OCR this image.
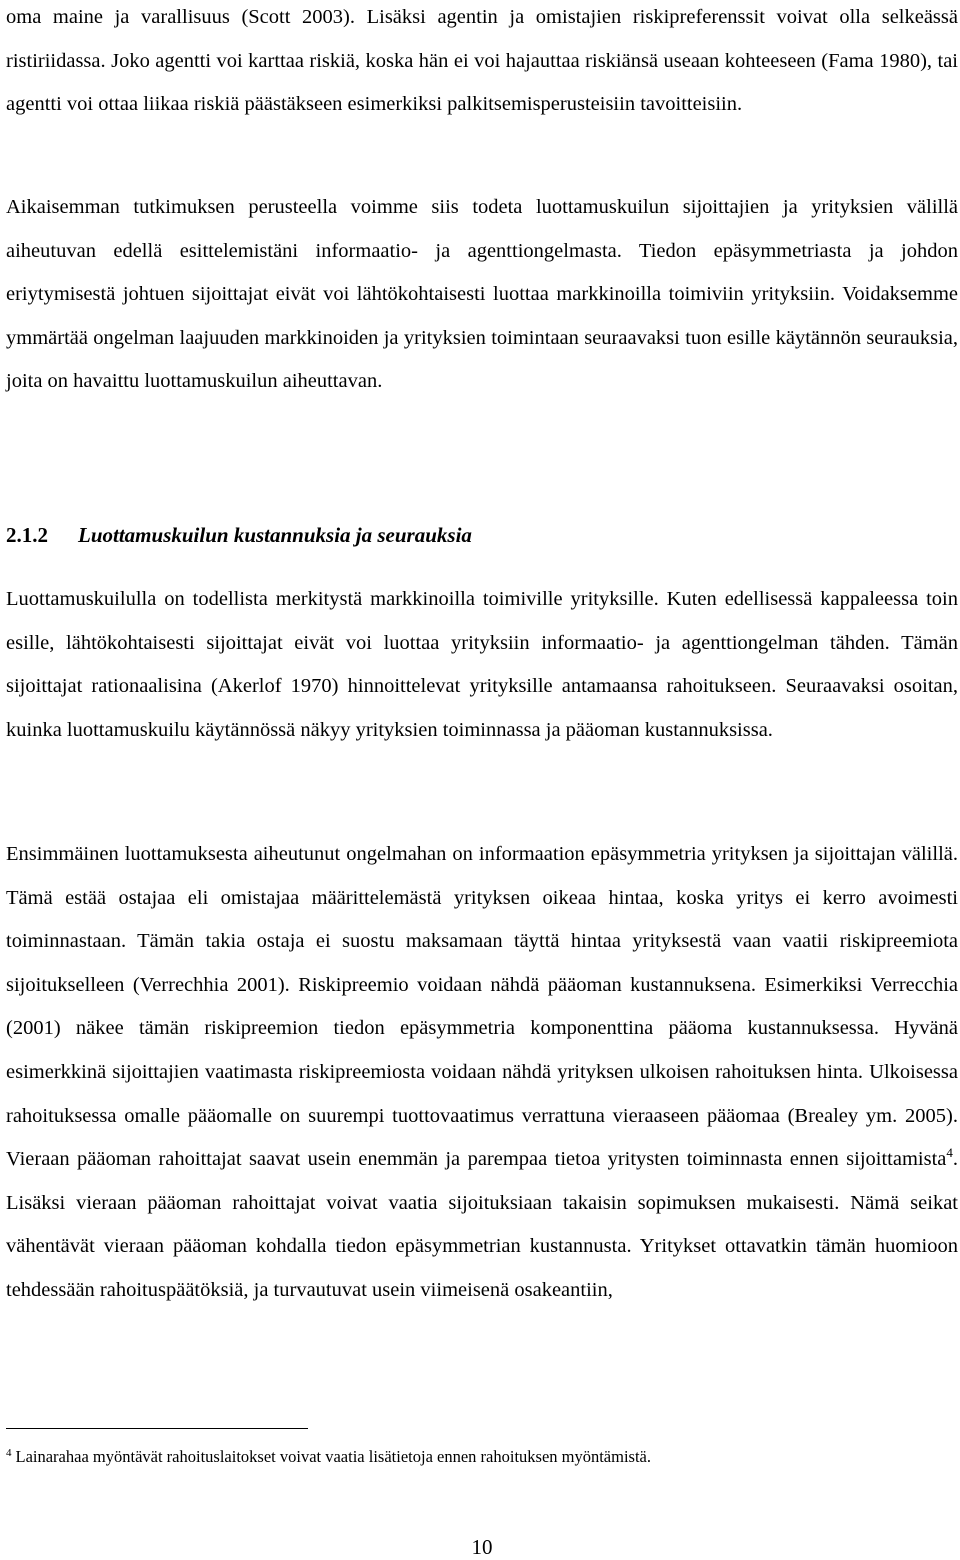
oma maine ja varallisuus (Scott 2003). Lisäksi agentin ja omistajien riskipreferenssit voivat olla selkeässä ristiriidassa. Joko agentti voi karttaa riskiä, koska hän ei voi hajauttaa riskiänsä useaan kohteeseen (Fama 1980), tai agentti voi ottaa liikaa riskiä päästäkseen esimerkiksi palkitsemisperusteisiin tavoitteisiin.

Aikaisemman tutkimuksen perusteella voimme siis todeta luottamuskuilun sijoittajien ja yrityksien välillä aiheutuvan edellä esittelemistäni informaatio- ja agenttiongelmasta. Tiedon epäsymmetriasta ja johdon eriytymisestä johtuen sijoittajat eivät voi lähtökohtaisesti luottaa markkinoilla toimiviin yrityksiin. Voidaksemme ymmärtää ongelman laajuuden markkinoiden ja yrityksien toimintaan seuraavaksi tuon esille käytännön seurauksia, joita on havaittu luottamuskuilun aiheuttavan.

2.1.2 Luottamuskuilun kustannuksia ja seurauksia

Luottamuskuilulla on todellista merkitystä markkinoilla toimiville yrityksille. Kuten edellisessä kappaleessa toin esille, lähtökohtaisesti sijoittajat eivät voi luottaa yrityksiin informaatio- ja agenttiongelman tähden. Tämän sijoittajat rationaalisina (Akerlof 1970) hinnoittelevat yrityksille antamaansa rahoitukseen. Seuraavaksi osoitan, kuinka luottamuskuilu käytännössä näkyy yrityksien toiminnassa ja pääoman kustannuksissa.

Ensimmäinen luottamuksesta aiheutunut ongelmahan on informaation epäsymmetria yrityksen ja sijoittajan välillä. Tämä estää ostajaa eli omistajaa määrittelemästä yrityksen oikeaa hintaa, koska yritys ei kerro avoimesti toiminnastaan. Tämän takia ostaja ei suostu maksamaan täyttä hintaa yrityksestä vaan vaatii riskipreemiota sijoitukselleen (Verrechhia 2001). Riskipreemio voidaan nähdä pääoman kustannuksena. Esimerkiksi Verrecchia (2001) näkee tämän riskipreemion tiedon epäsymmetria komponenttina pääoma kustannuksessa. Hyvänä esimerkkinä sijoittajien vaatimasta riskipreemiosta voidaan nähdä yrityksen ulkoisen rahoituksen hinta. Ulkoisessa rahoituksessa omalle pääomalle on suurempi tuottovaatimus verrattuna vieraaseen pääomaa (Brealey ym. 2005). Vieraan pääoman rahoittajat saavat usein enemmän ja parempaa tietoa yritysten toiminnasta ennen sijoittamista$^4$. Lisäksi vieraan pääoman rahoittajat voivat vaatia sijoituksiaan takaisin sopimuksen mukaisesti. Nämä seikat vähentävät vieraan pääoman kohdalla tiedon epäsymmetrian kustannusta. Yritykset ottavatkin tämän huomioon tehdessään rahoituspäätöksiä, ja turvautuvat usein viimeisenä osakeantiin,

$^4$ Lainarahaa myöntävät rahoituslaitokset voivat vaatia lisätietoja ennen rahoituksen myöntämistä.

10
